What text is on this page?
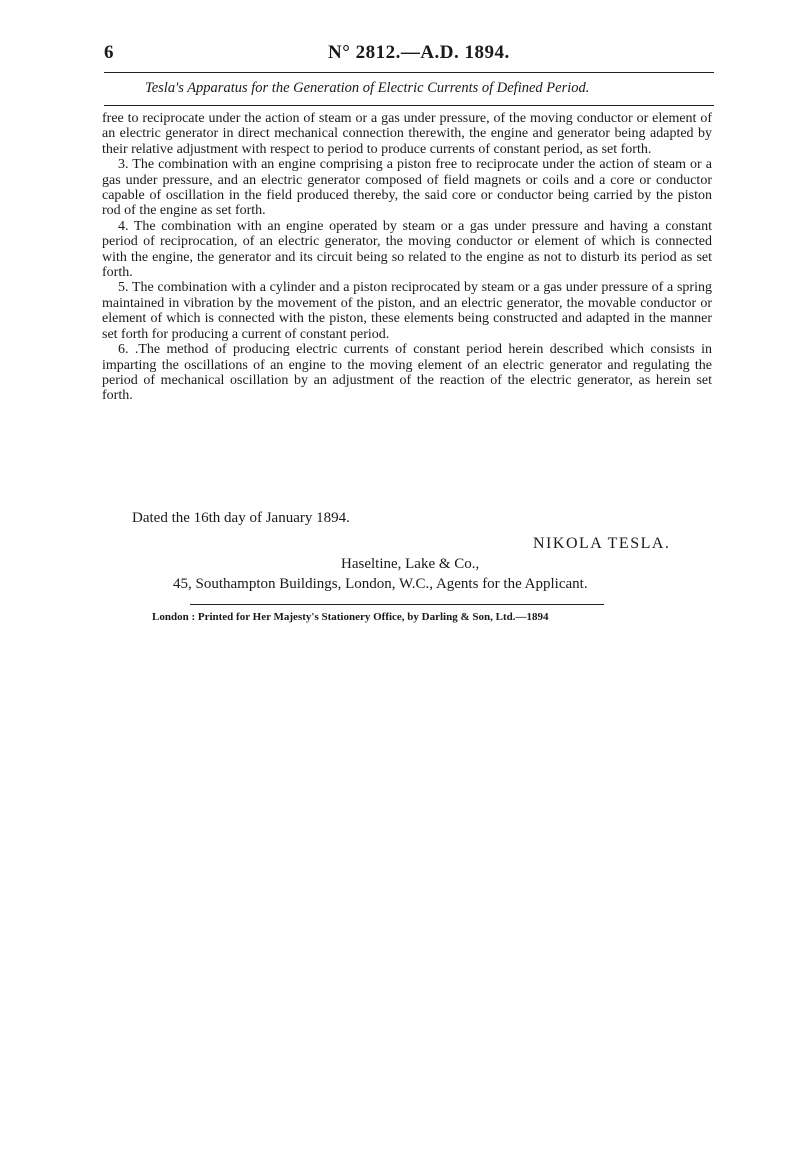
6	N° 2812.—A.D. 1894.

Tesla's Apparatus for the Generation of Electric Currents of Defined Period.

free to reciprocate under the action of steam or a gas under pressure, of the moving conductor or element of an electric generator in direct mechanical connection therewith, the engine and generator being adapted by their relative adjustment with respect to period to produce currents of constant period, as set forth.

3. The combination with an engine comprising a piston free to reciprocate under the action of steam or a gas under pressure, and an electric generator composed of field magnets or coils and a core or conductor capable of oscillation in the field produced thereby, the said core or conductor being carried by the piston rod of the engine as set forth.

4. The combination with an engine operated by steam or a gas under pressure and having a constant period of reciprocation, of an electric generator, the moving conductor or element of which is connected with the engine, the generator and its circuit being so related to the engine as not to disturb its period as set forth.

5. The combination with a cylinder and a piston reciprocated by steam or a gas under pressure of a spring maintained in vibration by the movement of the piston, and an electric generator, the movable conductor or element of which is connected with the piston, these elements being constructed and adapted in the manner set forth for producing a current of constant period.

6. .The method of producing electric currents of constant period herein described which consists in imparting the oscillations of an engine to the moving element of an electric generator and regulating the period of mechanical oscillation by an adjustment of the reaction of the electric generator, as herein set forth.

Dated the 16th day of January 1894.

NIKOLA TESLA.

Haseltine, Lake & Co.,

45, Southampton Buildings, London, W.C., Agents for the Applicant.

London : Printed for Her Majesty's Stationery Office, by Darling & Son, Ltd.—1894
